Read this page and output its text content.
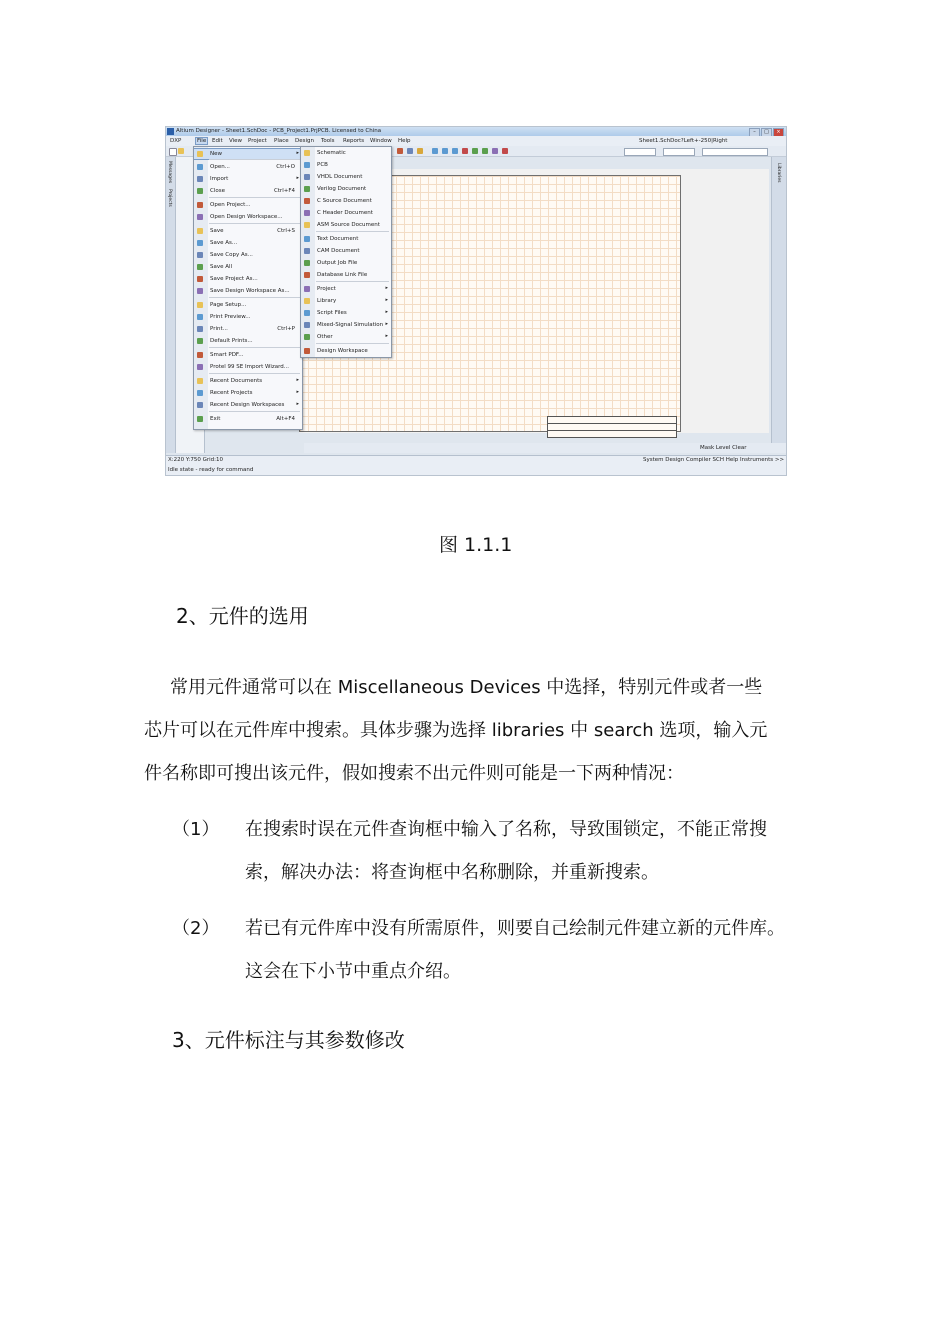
Altium Designer - Sheet1.SchDoc - PCB_Project1.PrjPCB. Licensed to China	–	□	×
DXP	File	Edit View Project Place Design Tools Reports Window Help	Sheet1.SchDoc?Left+-250|Right
Messages
Projects
Libraries
Mask Level Clear
X:220 Y:750 Grid:10
Idle state - ready for command
System Design Compiler SCH Help Instruments >>
New	▸
Open...	Ctrl+O
Import	▸
Close	Ctrl+F4
Open Project...
Open Design Workspace...
Save	Ctrl+S
Save As...
Save Copy As...
Save All
Save Project As...
Save Design Workspace As...
Page Setup...
Print Preview...
Print...	Ctrl+P
Default Prints...
Smart PDF...
Protel 99 SE Import Wizard...
Recent Documents	▸
Recent Projects	▸
Recent Design Workspaces ▸
Exit	Alt+F4
Schematic
PCB
VHDL Document
Verilog Document
C Source Document
C Header Document
ASM Source Document
Text Document
CAM Document
Output Job File
Database Link File
Project	▸
Library	▸
Script Files	▸
Mixed-Signal Simulation ▸
Other	▸
Design Workspace
图 1.1.1
2、元件的选用
常用元件通常可以在 Miscellaneous Devices 中选择，特别元件或者一些
芯片可以在元件库中搜索。具体步骤为选择 libraries 中 search 选项，输入元
件名称即可搜出该元件，假如搜索不出元件则可能是一下两种情况：
（1） 在搜索时误在元件查询框中输入了名称，导致围锁定，不能正常搜
索，解决办法：将查询框中名称删除，并重新搜索。
（2） 若已有元件库中没有所需原件，则要自己绘制元件建立新的元件库。
这会在下小节中重点介绍。
3、元件标注与其参数修改
